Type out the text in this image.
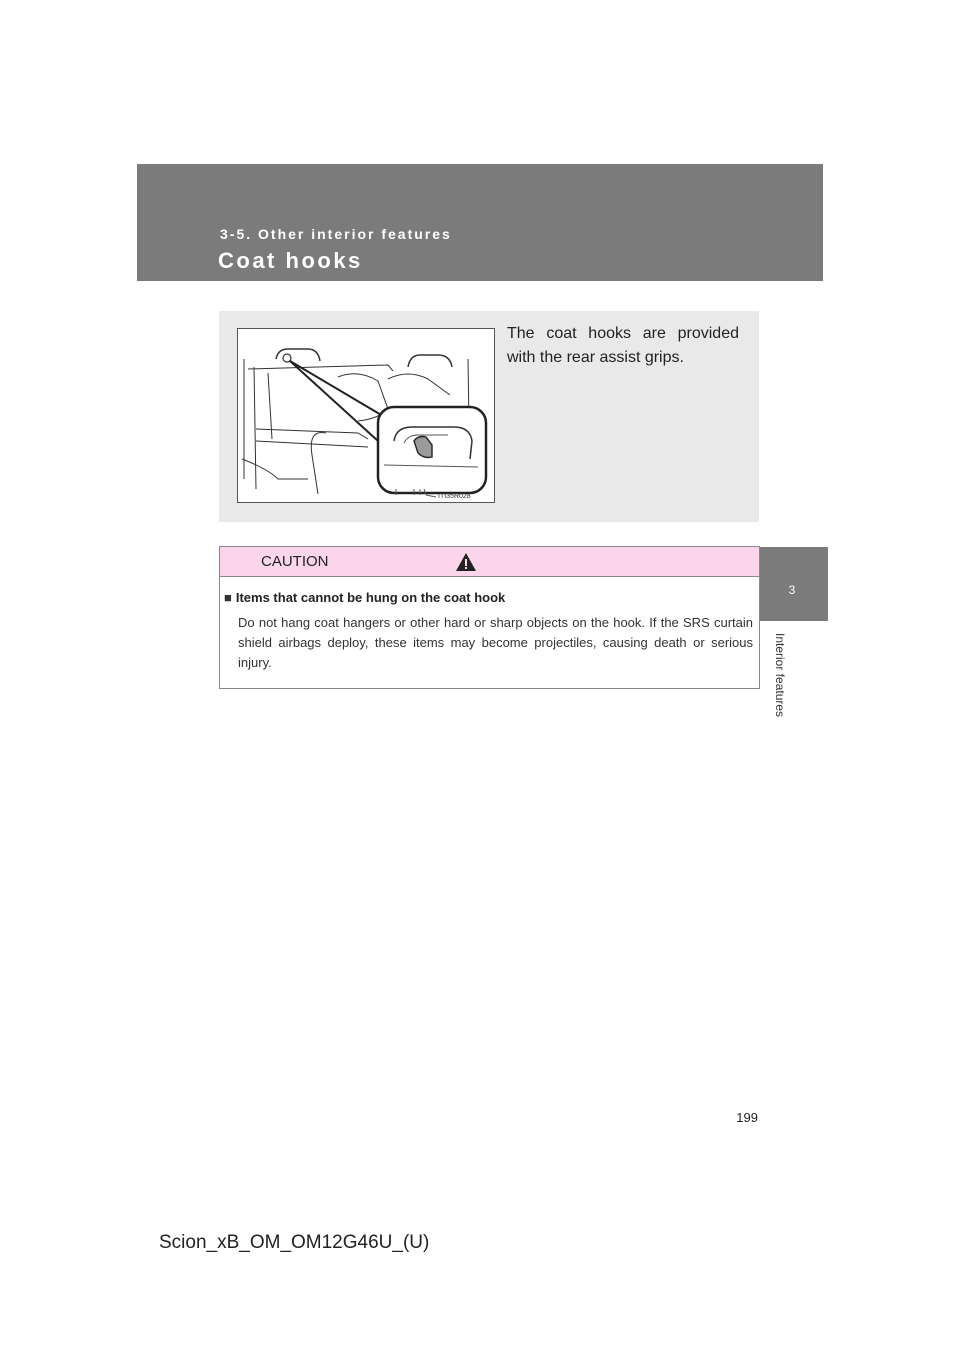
3-5. Other interior features
Coat hooks
3
Interior features
ITI35R028
The coat hooks are provided with the rear assist grips.
CAUTION
■ Items that cannot be hung on the coat hook
Do not hang coat hangers or other hard or sharp objects on the hook. If the SRS curtain shield airbags deploy, these items may become projectiles, causing death or serious injury.
199
Scion_xB_OM_OM12G46U_(U)
